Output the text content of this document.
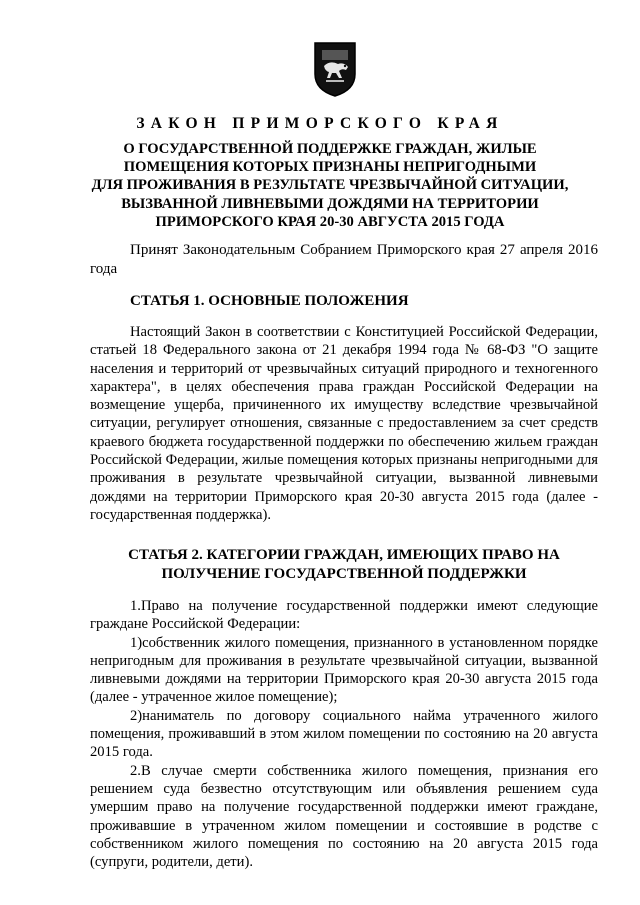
ЗАКОН ПРИМОРСКОГО КРАЯ
О ГОСУДАРСТВЕННОЙ ПОДДЕРЖКЕ ГРАЖДАН, ЖИЛЫЕ
ПОМЕЩЕНИЯ КОТОРЫХ ПРИЗНАНЫ НЕПРИГОДНЫМИ
ДЛЯ ПРОЖИВАНИЯ В РЕЗУЛЬТАТЕ ЧРЕЗВЫЧАЙНОЙ СИТУАЦИИ,
ВЫЗВАННОЙ ЛИВНЕВЫМИ ДОЖДЯМИ НА ТЕРРИТОРИИ
ПРИМОРСКОГО КРАЯ 20-30 АВГУСТА 2015 ГОДА

Принят Законодательным Собранием Приморского края 27 апреля 2016 года

СТАТЬЯ 1. ОСНОВНЫЕ ПОЛОЖЕНИЯ

Настоящий Закон в соответствии с Конституцией Российской Федерации, статьей 18 Федерального закона от 21 декабря 1994 года № 68-ФЗ "О защите населения и территорий от чрезвычайных ситуаций природного и техногенного характера", в целях обеспечения права граждан Российской Федерации на возмещение ущерба, причиненного их имуществу вследствие чрезвычайной ситуации, регулирует отношения, связанные с предоставлением за счет средств краевого бюджета государственной поддержки по обеспечению жильем граждан Российской Федерации, жилые помещения которых признаны непригодными для проживания в результате чрезвычайной ситуации, вызванной ливневыми дождями на территории Приморского края 20-30 августа 2015 года (далее - государственная поддержка).

СТАТЬЯ 2. КАТЕГОРИИ ГРАЖДАН, ИМЕЮЩИХ ПРАВО НА
ПОЛУЧЕНИЕ ГОСУДАРСТВЕННОЙ ПОДДЕРЖКИ

1.Право на получение государственной поддержки имеют следующие граждане Российской Федерации:

1)собственник жилого помещения, признанного в установленном порядке непригодным для проживания в результате чрезвычайной ситуации, вызванной ливневыми дождями на территории Приморского края 20-30 августа 2015 года (далее - утраченное жилое помещение);

2)наниматель по договору социального найма утраченного жилого помещения, проживавший в этом жилом помещении по состоянию на 20 августа 2015 года.

2.В случае смерти собственника жилого помещения, признания его решением суда безвестно отсутствующим или объявления решением суда умершим право на получение государственной поддержки имеют граждане, проживавшие в утраченном жилом помещении и состоявшие в родстве с собственником жилого помещения по состоянию на 20 августа 2015 года (супруги, родители, дети).
